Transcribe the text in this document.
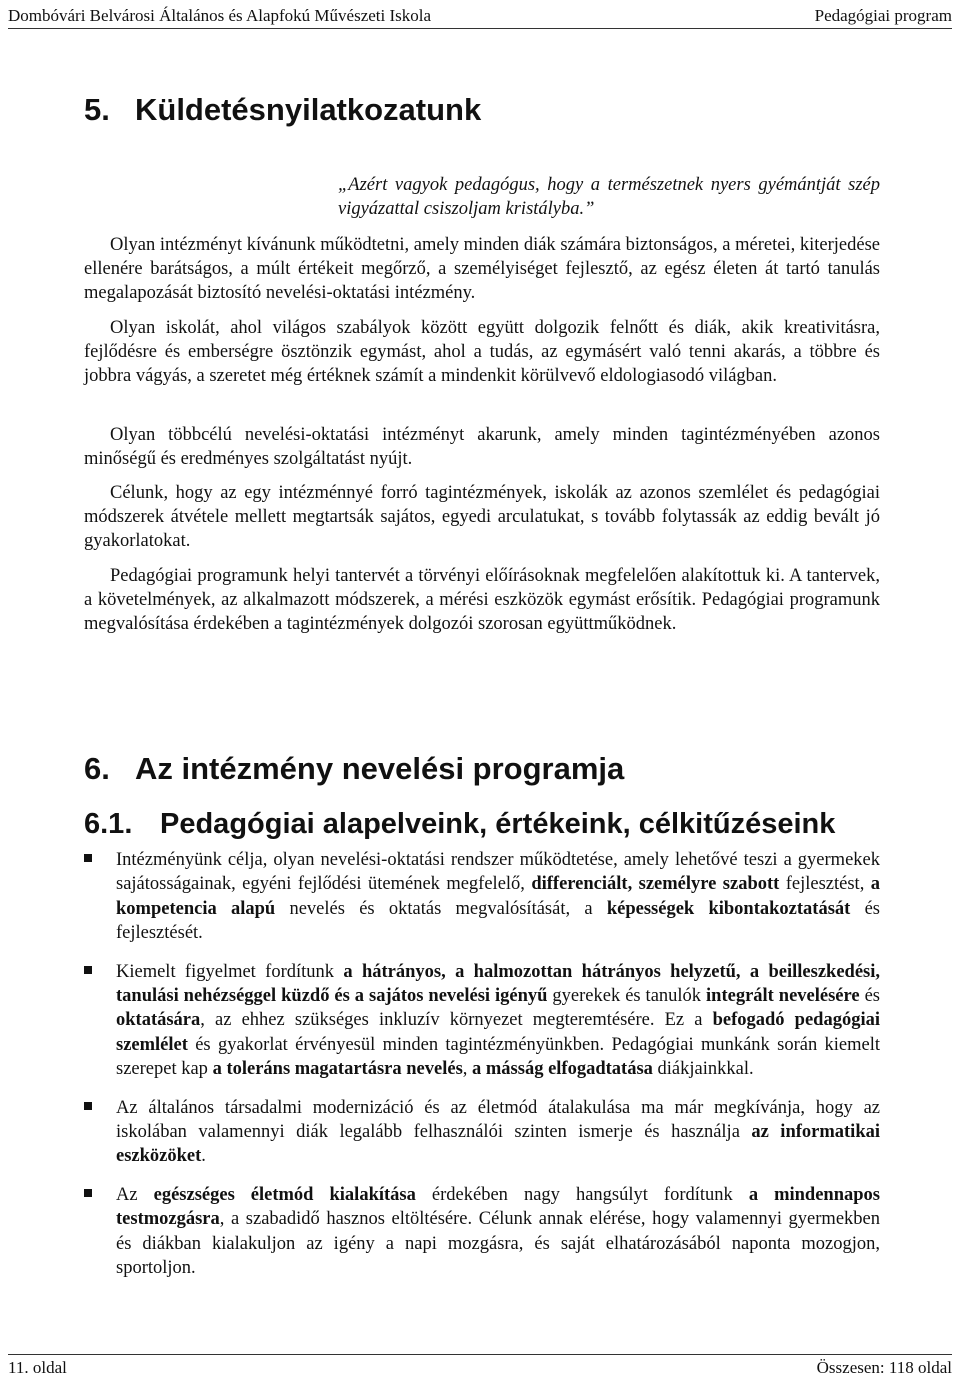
Dombóvári Belvárosi Általános és Alapfokú Művészeti Iskola	Pedagógiai program
5. Küldetésnyilatkozatunk
„Azért vagyok pedagógus, hogy a természetnek nyers gyémántját szép vigyázattal csiszoljam kristályba.”

Olyan intézményt kívánunk működtetni, amely minden diák számára biztonságos, a méretei, kiterjedése ellenére barátságos, a múlt értékeit megőrző, a személyiséget fejlesztő, az egész életen át tartó tanulás megalapozását biztosító nevelési-oktatási intézmény.

Olyan iskolát, ahol világos szabályok között együtt dolgozik felnőtt és diák, akik kreativitásra, fejlődésre és emberségre ösztönzik egymást, ahol a tudás, az egymásért való tenni akarás, a többre és jobbra vágyás, a szeretet még értéknek számít a mindenkit körülvevő eldologiasodó világban.

Olyan többcélú nevelési-oktatási intézményt akarunk, amely minden tagintézményében azonos minőségű és eredményes szolgáltatást nyújt.

Célunk, hogy az egy intézménnyé forró tagintézmények, iskolák az azonos szemlélet és pedagógiai módszerek átvétele mellett megtartsák sajátos, egyedi arculatukat, s tovább folytassák az eddig bevált jó gyakorlatokat.

Pedagógiai programunk helyi tantervét a törvényi előírásoknak megfelelően alakítottuk ki. A tantervek, a követelmények, az alkalmazott módszerek, a mérési eszközök egymást erősítik. Pedagógiai programunk megvalósítása érdekében a tagintézmények dolgozói szorosan együttműködnek.

6. Az intézmény nevelési programja
6.1. Pedagógiai alapelveink, értékeink, célkitűzéseink
Intézményünk célja, olyan nevelési-oktatási rendszer működtetése, amely lehetővé teszi a gyermekek sajátosságainak, egyéni fejlődési ütemének megfelelő, differenciált, személyre szabott fejlesztést, a kompetencia alapú nevelés és oktatás megvalósítását, a képességek kibontakoztatását és fejlesztését.
Kiemelt figyelmet fordítunk a hátrányos, a halmozottan hátrányos helyzetű, a beilleszkedési, tanulási nehézséggel küzdő és a sajátos nevelési igényű gyerekek és tanulók integrált nevelésére és oktatására, az ehhez szükséges inkluzív környezet megteremtésére. Ez a befogadó pedagógiai szemlélet és gyakorlat érvényesül minden tagintézményünkben. Pedagógiai munkánk során kiemelt szerepet kap a toleráns magatartásra nevelés, a másság elfogadtatása diákjainkkal.
Az általános társadalmi modernizáció és az életmód átalakulása ma már megkívánja, hogy az iskolában valamennyi diák legalább felhasználói szinten ismerje és használja az informatikai eszközöket.
Az egészséges életmód kialakítása érdekében nagy hangsúlyt fordítunk a mindennapos testmozgásra, a szabadidő hasznos eltöltésére. Célunk annak elérése, hogy valamennyi gyermekben és diákban kialakuljon az igény a napi mozgásra, és saját elhatározásából naponta mozogjon, sportoljon.
11. oldal	Összesen: 118 oldal
